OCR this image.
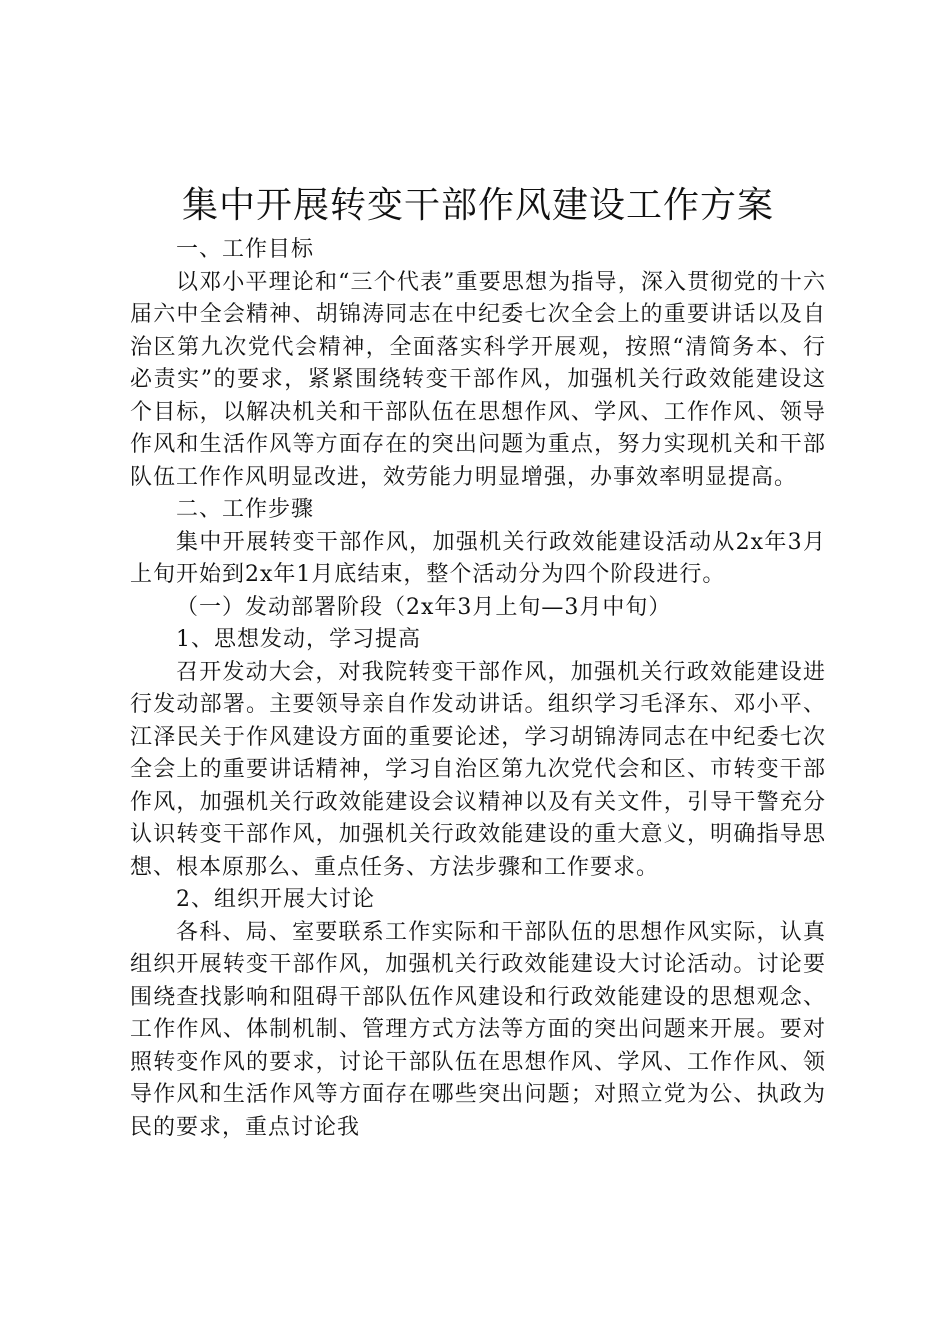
集中开展转变干部作风建设工作方案

一、工作目标

以邓小平理论和“三个代表”重要思想为指导，深入贯彻党的十六届六中全会精神、胡锦涛同志在中纪委七次全会上的重要讲话以及自治区第九次党代会精神，全面落实科学开展观，按照“清简务本、行必责实”的要求，紧紧围绕转变干部作风，加强机关行政效能建设这个目标，以解决机关和干部队伍在思想作风、学风、工作作风、领导作风和生活作风等方面存在的突出问题为重点，努力实现机关和干部队伍工作作风明显改进，效劳能力明显增强，办事效率明显提高。

二、工作步骤

集中开展转变干部作风，加强机关行政效能建设活动从2x年3月上旬开始到2x年1月底结束，整个活动分为四个阶段进行。

（一）发动部署阶段（2x年3月上旬—3月中旬）

1、思想发动，学习提高

召开发动大会，对我院转变干部作风，加强机关行政效能建设进行发动部署。主要领导亲自作发动讲话。组织学习毛泽东、邓小平、江泽民关于作风建设方面的重要论述，学习胡锦涛同志在中纪委七次全会上的重要讲话精神，学习自治区第九次党代会和区、市转变干部作风，加强机关行政效能建设会议精神以及有关文件，引导干警充分认识转变干部作风，加强机关行政效能建设的重大意义，明确指导思想、根本原那么、重点任务、方法步骤和工作要求。

2、组织开展大讨论

各科、局、室要联系工作实际和干部队伍的思想作风实际，认真组织开展转变干部作风，加强机关行政效能建设大讨论活动。讨论要围绕查找影响和阻碍干部队伍作风建设和行政效能建设的思想观念、工作作风、体制机制、管理方式方法等方面的突出问题来开展。要对照转变作风的要求，讨论干部队伍在思想作风、学风、工作作风、领导作风和生活作风等方面存在哪些突出问题；对照立党为公、执政为民的要求，重点讨论我
